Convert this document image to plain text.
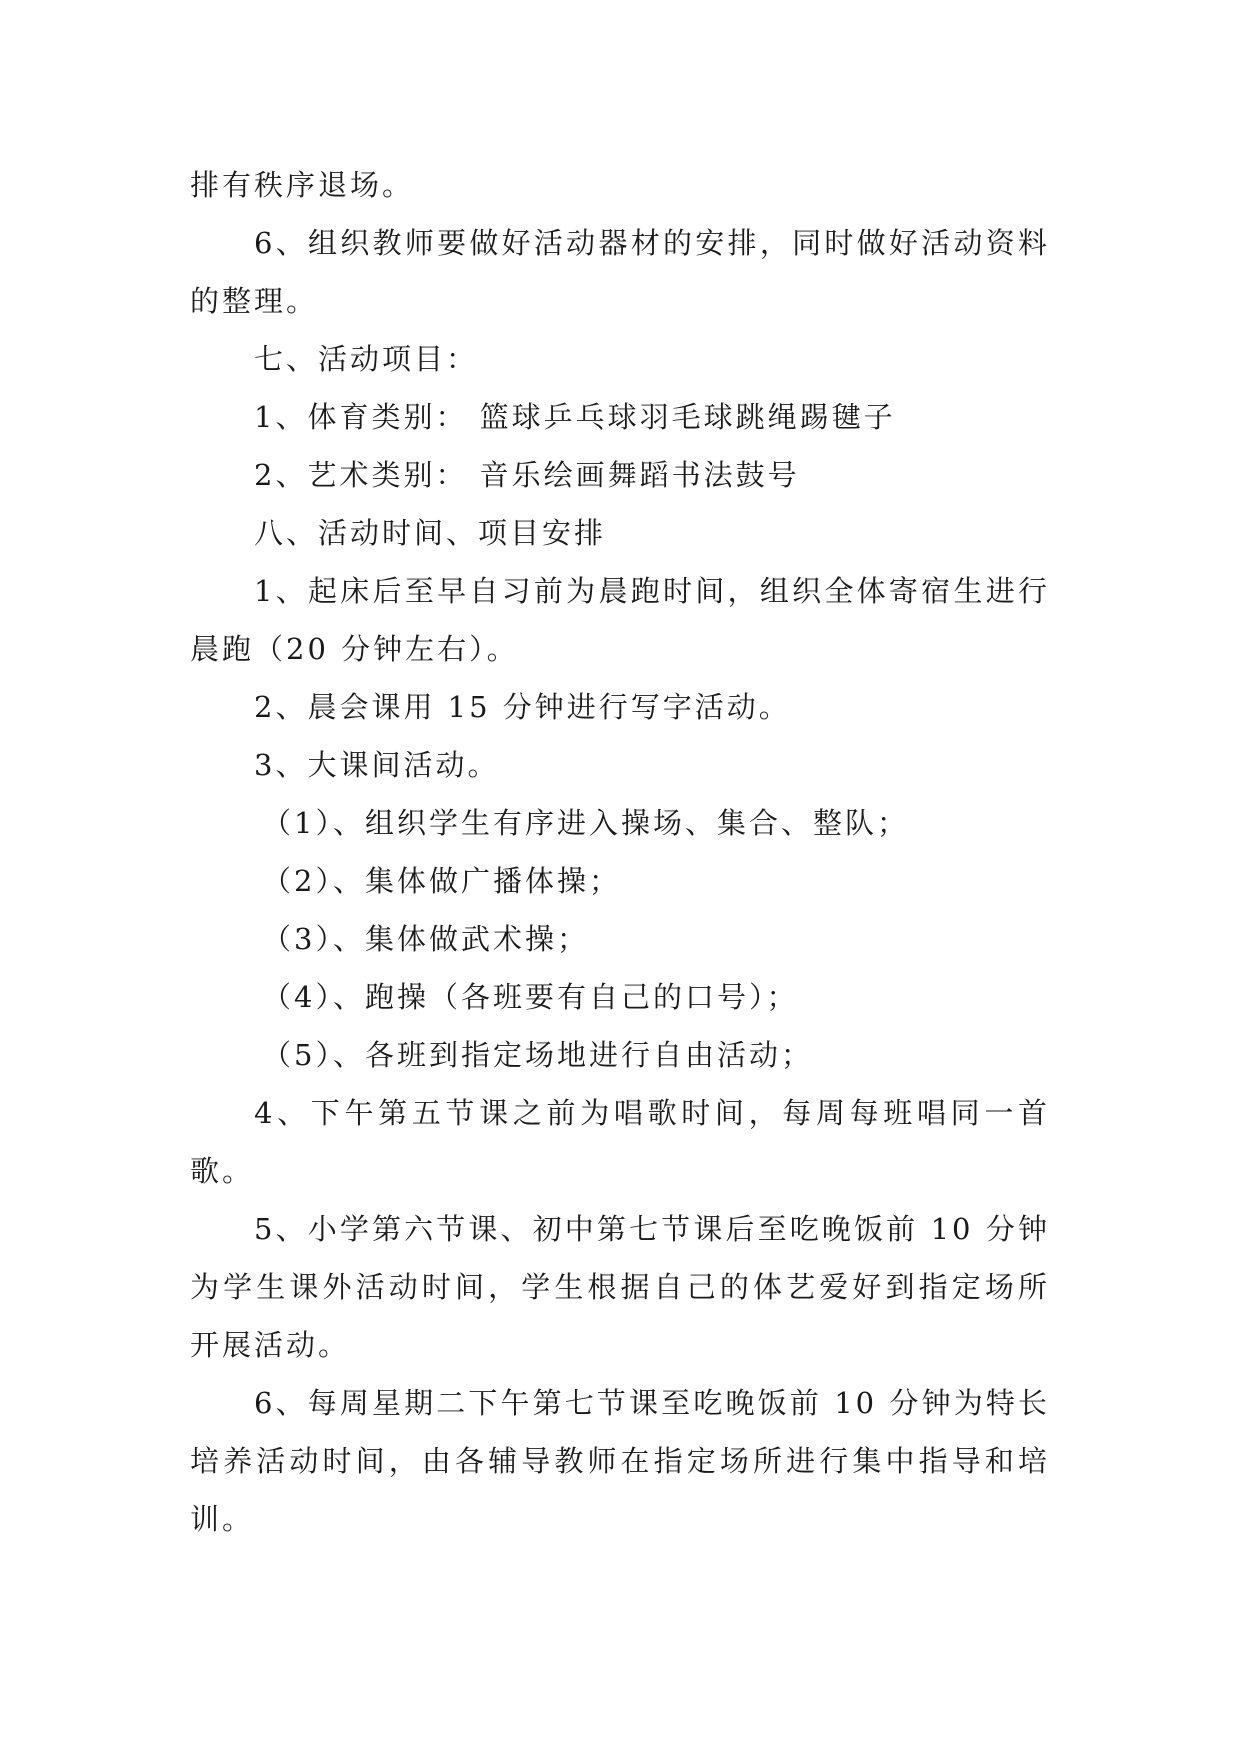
排有秩序退场。

6、组织教师要做好活动器材的安排，同时做好活动资料的整理。

七、活动项目：

1、体育类别： 篮球乒乓球羽毛球跳绳踢毽子

2、艺术类别： 音乐绘画舞蹈书法鼓号

八、活动时间、项目安排

1、起床后至早自习前为晨跑时间，组织全体寄宿生进行晨跑（20 分钟左右）。

2、晨会课用 15 分钟进行写字活动。

3、大课间活动。

（1）、组织学生有序进入操场、集合、整队；

（2）、集体做广播体操；

（3）、集体做武术操；

（4）、跑操（各班要有自己的口号）；

（5）、各班到指定场地进行自由活动；

4、下午第五节课之前为唱歌时间，每周每班唱同一首歌。

5、小学第六节课、初中第七节课后至吃晚饭前 10 分钟为学生课外活动时间，学生根据自己的体艺爱好到指定场所开展活动。

6、每周星期二下午第七节课至吃晚饭前 10 分钟为特长培养活动时间，由各辅导教师在指定场所进行集中指导和培训。
